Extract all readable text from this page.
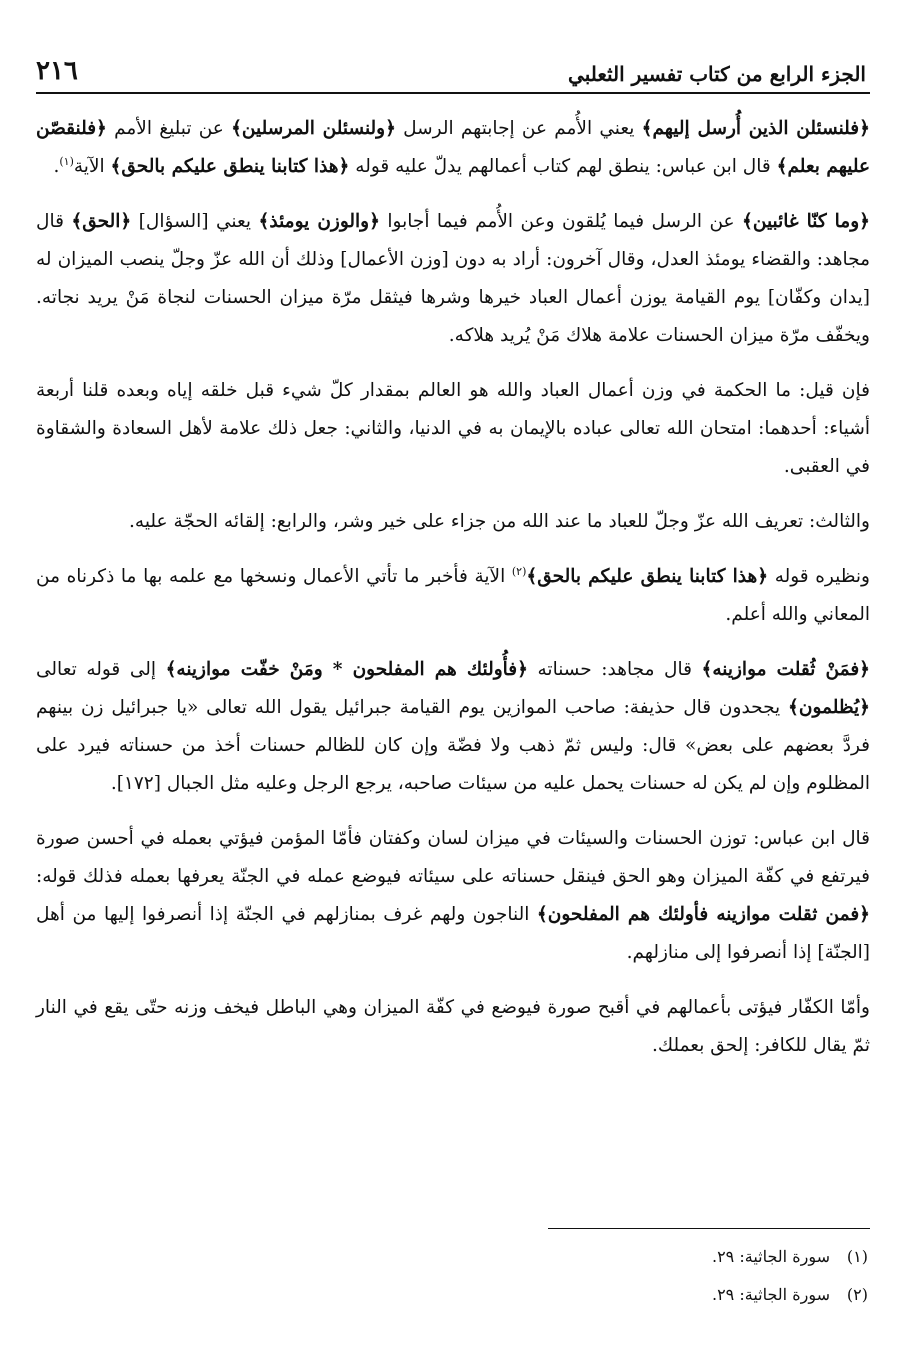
الجزء الرابع من كتاب تفسير الثعلبي
٢١٦

﴿فلنسئلن الذين أُرسل إليهم﴾ يعني الأُمم عن إجابتهم الرسل ﴿ولنسئلن المرسلين﴾ عن تبليغ الأمم ﴿فلنقصّن عليهم بعلم﴾ قال ابن عباس: ينطق لهم كتاب أعمالهم يدلّ عليه قوله ﴿هذا كتابنا ينطق عليكم بالحق﴾ الآية$^{(١)}$.

﴿وما كنّا غائبين﴾ عن الرسل فيما يُلقون وعن الأُمم فيما أجابوا ﴿والوزن يومئذ﴾ يعني [السؤال] ﴿الحق﴾ قال مجاهد: والقضاء يومئذ العدل، وقال آخرون: أراد به دون [وزن الأعمال] وذلك أن الله عزّ وجلّ ينصب الميزان له [يدان وكفّان] يوم القيامة يوزن أعمال العباد خيرها وشرها فيثقل مرّة ميزان الحسنات لنجاة مَنْ يريد نجاته. ويخفّف مرّة ميزان الحسنات علامة هلاك مَنْ يُريد هلاكه.

فإن قيل: ما الحكمة في وزن أعمال العباد والله هو العالم بمقدار كلّ شيء قبل خلقه إياه وبعده قلنا أربعة أشياء: أحدهما: امتحان الله تعالى عباده بالإيمان به في الدنيا، والثاني: جعل ذلك علامة لأهل السعادة والشقاوة في العقبى.

والثالث: تعريف الله عزّ وجلّ للعباد ما عند الله من جزاء على خير وشر، والرابع: إلقائه الحجّة عليه.

ونظيره قوله ﴿هذا كتابنا ينطق عليكم بالحق﴾$^{(٢)}$ الآية فأخبر ما تأتي الأعمال ونسخها مع علمه بها ما ذكرناه من المعاني والله أعلم.

﴿فمَنْ ثُقلت موازينه﴾ قال مجاهد: حسناته ﴿فأُولئك هم المفلحون * ومَنْ خفّت موازينه﴾ إلى قوله تعالى ﴿يُظلمون﴾ يجحدون قال حذيفة: صاحب الموازين يوم القيامة جبرائيل يقول الله تعالى «يا جبرائيل زن بينهم فردَّ بعضهم على بعض» قال: وليس ثمّ ذهب ولا فضّة وإن كان للظالم حسنات أخذ من حسناته فيرد على المظلوم وإن لم يكن له حسنات يحمل عليه من سيئات صاحبه، يرجع الرجل وعليه مثل الجبال [١٧٢].

قال ابن عباس: توزن الحسنات والسيئات في ميزان لسان وكفتان فأمّا المؤمن فيؤتي بعمله في أحسن صورة فيرتفع في كفّة الميزان وهو الحق فينقل حسناته على سيئاته فيوضع عمله في الجنّة يعرفها بعمله فذلك قوله: ﴿فمن ثقلت موازينه فأولئك هم المفلحون﴾ الناجون ولهم غرف بمنازلهم في الجنّة إذا أنصرفوا إليها من أهل [الجنّة] إذا أنصرفوا إلى منازلهم.

وأمّا الكفّار فيؤتى بأعمالهم في أقبح صورة فيوضع في كفّة الميزان وهي الباطل فيخف وزنه حتّى يقع في النار ثمّ يقال للكافر: إلحق بعملك.

(١)سورة الجاثية: ٢٩.
(٢)سورة الجاثية: ٢٩.
